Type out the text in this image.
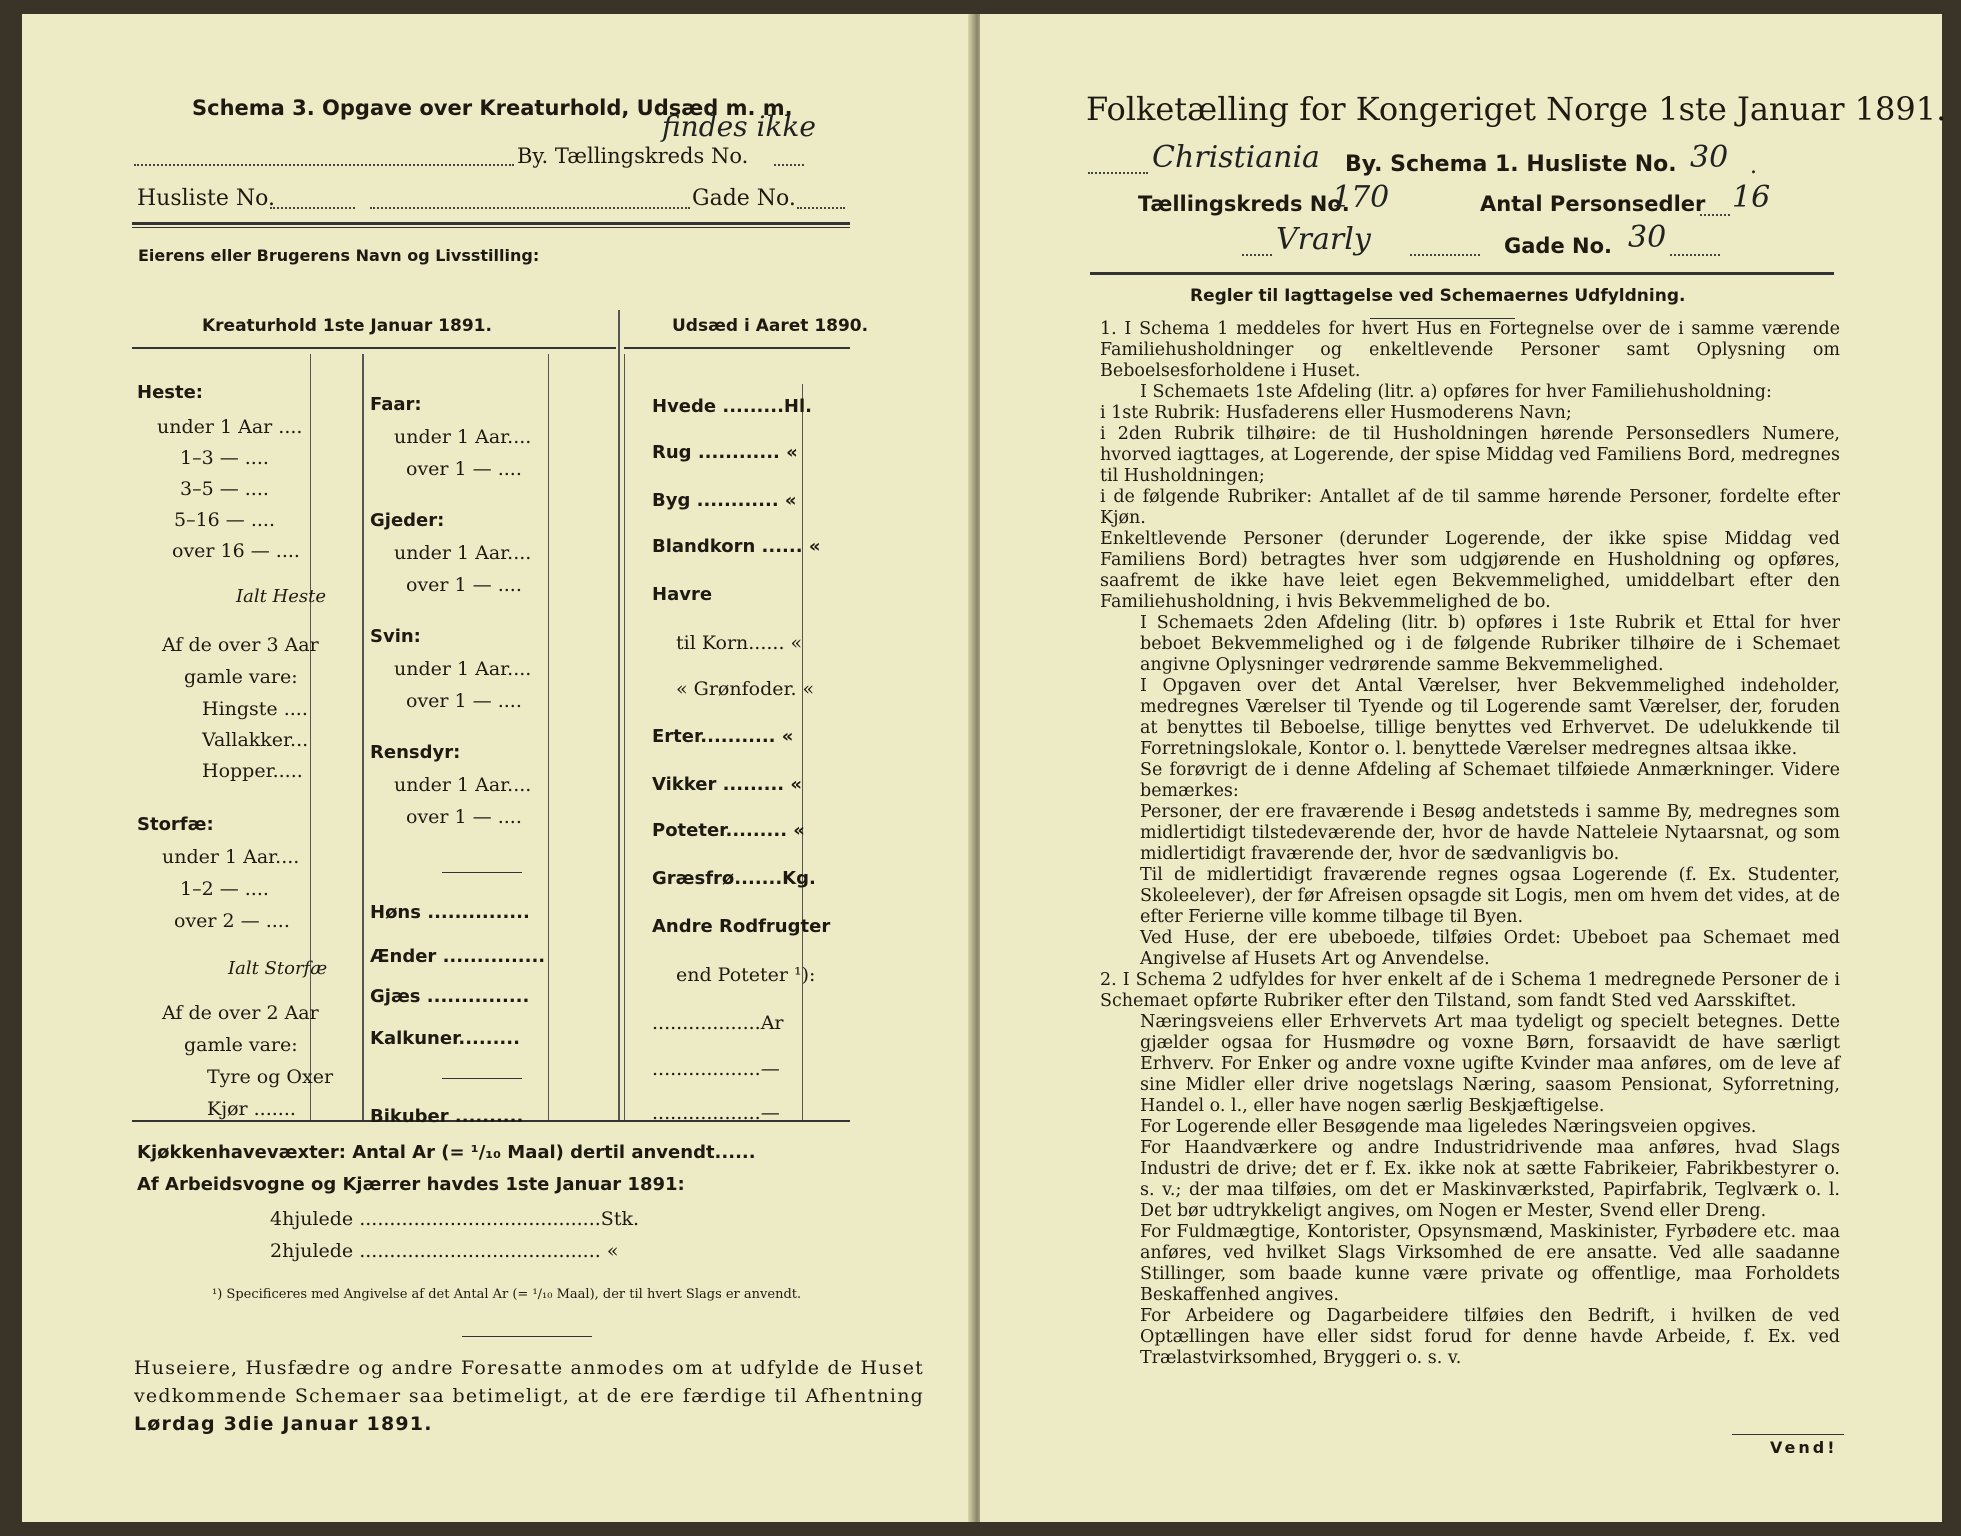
Schema 3. Opgave over Kreaturhold, Udsæd m. m.
findes ikke
By. Tællingskreds No.
Husliste No.	Gade No.
Eierens eller Brugerens Navn og Livsstilling:
Kreaturhold 1ste Januar 1891.	Udsæd i Aaret 1890.
Heste:
under 1 Aar ....
1–3 — ....
3–5 — ....
5–16 — ....
over 16 — ....
Ialt Heste
Af de over 3 Aar
gamle vare:
Hingste ....
Vallakker...
Hopper.....
Storfæ:
under 1 Aar....
1–2 — ....
over 2 — ....
Ialt Storfæ
Af de over 2 Aar
gamle vare:
Tyre og Oxer
Kjør .......
Faar:
under 1 Aar....
over 1 — ....
Gjeder:
under 1 Aar....
over 1 — ....
Svin:
under 1 Aar....
over 1 — ....
Rensdyr:
under 1 Aar....
over 1 — ....
Høns ...............
Ænder ...............
Gjæs ...............
Kalkuner.........
Bikuber ..........
Hvede .........Hl.
Rug ............ «
Byg ............ «
Blandkorn ...... «
Havre
til Korn...... «
« Grønfoder. «
Erter........... «
Vikker ......... «
Poteter......... «
Græsfrø.......Kg.
Andre Rodfrugter
end Poteter ¹):
..................Ar
..................—
..................—
Kjøkkenhavevæxter: Antal Ar (= ¹/₁₀ Maal) dertil anvendt......
Af Arbeidsvogne og Kjærrer havdes 1ste Januar 1891:
4hjulede ........................................Stk.
2hjulede ........................................ «
¹) Specificeres med Angivelse af det Antal Ar (= ¹/₁₀ Maal), der til hvert Slags er anvendt.
Huseiere, Husfædre og andre Foresatte anmodes om at udfylde de Huset vedkommende Schemaer saa betimeligt, at de ere færdige til Afhentning Lørdag 3die Januar 1891.
Folketælling for Kongeriget Norge 1ste Januar 1891.
Christiania By. Schema 1. Husliste No. 30 .
Tællingskreds No.
170	Antal Personsedler 16
Vrarly	Gade No. 30
Regler til Iagttagelse ved Schemaernes Udfyldning.

1. I Schema 1 meddeles for hvert Hus en Fortegnelse over de i samme værende Familiehusholdninger og enkeltlevende Personer samt Oplysning om Beboelsesforholdene i Huset.

I Schemaets 1ste Afdeling (litr. a) opføres for hver Familiehusholdning:

i 1ste Rubrik: Husfaderens eller Husmoderens Navn;

i 2den Rubrik tilhøire: de til Husholdningen hørende Personsedlers Numere, hvorved iagttages, at Logerende, der spise Middag ved Familiens Bord, medregnes til Husholdningen;

i de følgende Rubriker: Antallet af de til samme hørende Personer, fordelte efter Kjøn.

Enkeltlevende Personer (derunder Logerende, der ikke spise Middag ved Familiens Bord) betragtes hver som udgjørende en Husholdning og opføres, saafremt de ikke have leiet egen Bekvemmelighed, umiddelbart efter den Familiehusholdning, i hvis Bekvemmelighed de bo.

I Schemaets 2den Afdeling (litr. b) opføres i 1ste Rubrik et Ettal for hver beboet Bekvemmelighed og i de følgende Rubriker tilhøire de i Schemaet angivne Oplysninger vedrørende samme Bekvemmelighed.

I Opgaven over det Antal Værelser, hver Bekvemmelighed indeholder, medregnes Værelser til Tyende og til Logerende samt Værelser, der, foruden at benyttes til Beboelse, tillige benyttes ved Erhvervet. De udelukkende til Forretningslokale, Kontor o. l. benyttede Værelser medregnes altsaa ikke.

Se forøvrigt de i denne Afdeling af Schemaet tilføiede Anmærkninger. Videre bemærkes:

Personer, der ere fraværende i Besøg andetsteds i samme By, medregnes som midlertidigt tilstedeværende der, hvor de havde Natteleie Nytaarsnat, og som midlertidigt fraværende der, hvor de sædvanligvis bo.

Til de midlertidigt fraværende regnes ogsaa Logerende (f. Ex. Studenter, Skoleelever), der før Afreisen opsagde sit Logis, men om hvem det vides, at de efter Ferierne ville komme tilbage til Byen.

Ved Huse, der ere ubeboede, tilføies Ordet: Ubeboet paa Schemaet med Angivelse af Husets Art og Anvendelse.

2. I Schema 2 udfyldes for hver enkelt af de i Schema 1 medregnede Personer de i Schemaet opførte Rubriker efter den Tilstand, som fandt Sted ved Aarsskiftet.

Næringsveiens eller Erhvervets Art maa tydeligt og specielt betegnes. Dette gjælder ogsaa for Husmødre og voxne Børn, forsaavidt de have særligt Erhverv. For Enker og andre voxne ugifte Kvinder maa anføres, om de leve af sine Midler eller drive nogetslags Næring, saasom Pensionat, Syforretning, Handel o. l., eller have nogen særlig Beskjæftigelse.

For Logerende eller Besøgende maa ligeledes Næringsveien opgives.

For Haandværkere og andre Industridrivende maa anføres, hvad Slags Industri de drive; det er f. Ex. ikke nok at sætte Fabrikeier, Fabrikbestyrer o. s. v.; der maa tilføies, om det er Maskinværksted, Papirfabrik, Teglværk o. l. Det bør udtrykkeligt angives, om Nogen er Mester, Svend eller Dreng.

For Fuldmægtige, Kontorister, Opsynsmænd, Maskinister, Fyrbødere etc. maa anføres, ved hvilket Slags Virksomhed de ere ansatte. Ved alle saadanne Stillinger, som baade kunne være private og offentlige, maa Forholdets Beskaffenhed angives.

For Arbeidere og Dagarbeidere tilføies den Bedrift, i hvilken de ved Optællingen have eller sidst forud for denne havde Arbeide, f. Ex. ved Trælastvirksomhed, Bryggeri o. s. v.

Vend!
